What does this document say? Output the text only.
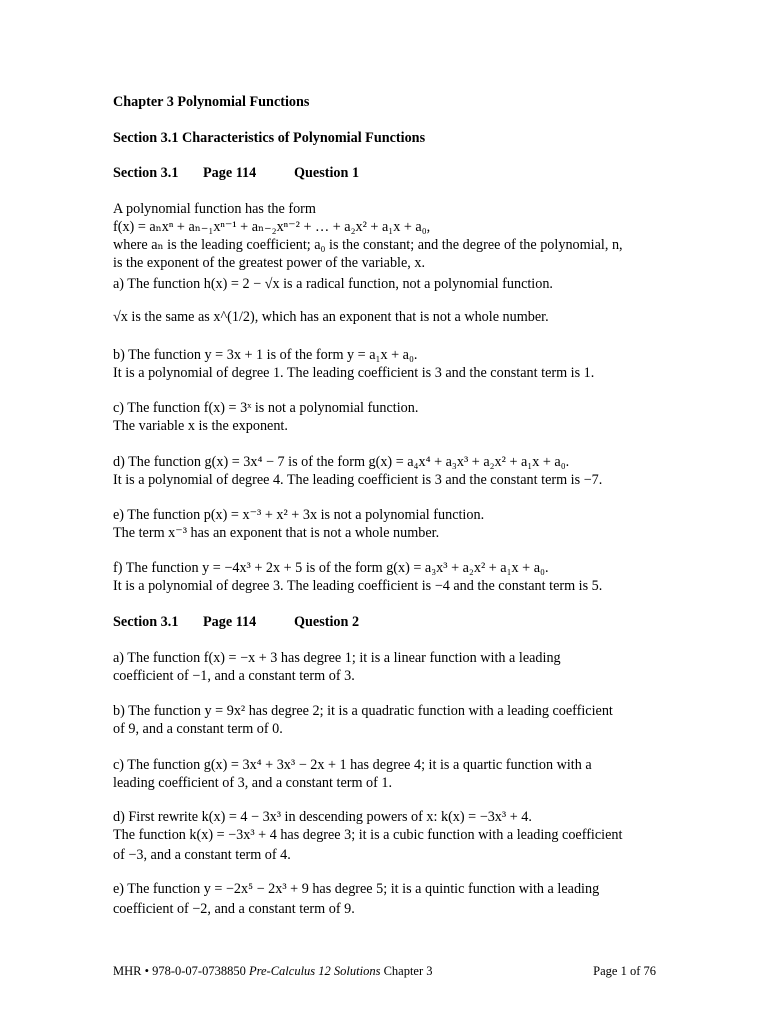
Chapter 3 Polynomial Functions
Section 3.1 Characteristics of Polynomial Functions
Section 3.1 Page 114	Question 1
A polynomial function has the form
f(x) = aₙxⁿ + aₙ₋₁xⁿ⁻¹ + aₙ₋₂xⁿ⁻² + … + a₂x² + a₁x + a₀,
where aₙ is the leading coefficient; a₀ is the constant; and the degree of the polynomial, n,
is the exponent of the greatest power of the variable, x.
a) The function h(x) = 2 − √x is a radical function, not a polynomial function.
√x is the same as x^(1/2), which has an exponent that is not a whole number.
b) The function y = 3x + 1 is of the form y = a₁x + a₀.
It is a polynomial of degree 1. The leading coefficient is 3 and the constant term is 1.
c) The function f(x) = 3ˣ is not a polynomial function.
The variable x is the exponent.
d) The function g(x) = 3x⁴ − 7 is of the form g(x) = a₄x⁴ + a₃x³ + a₂x² + a₁x + a₀.
It is a polynomial of degree 4. The leading coefficient is 3 and the constant term is −7.
e) The function p(x) = x⁻³ + x² + 3x is not a polynomial function.
The term x⁻³ has an exponent that is not a whole number.
f) The function y = −4x³ + 2x + 5 is of the form g(x) = a₃x³ + a₂x² + a₁x + a₀.
It is a polynomial of degree 3. The leading coefficient is −4 and the constant term is 5.
Section 3.1 Page 114	Question 2
a) The function f(x) = −x + 3 has degree 1; it is a linear function with a leading
coefficient of −1, and a constant term of 3.
b) The function y = 9x² has degree 2; it is a quadratic function with a leading coefficient
of 9, and a constant term of 0.
c) The function g(x) = 3x⁴ + 3x³ − 2x + 1 has degree 4; it is a quartic function with a
leading coefficient of 3, and a constant term of 1.
d) First rewrite k(x) = 4 − 3x³ in descending powers of x: k(x) = −3x³ + 4.
The function k(x) = −3x³ + 4 has degree 3; it is a cubic function with a leading coefficient
of −3, and a constant term of 4.
e) The function y = −2x⁵ − 2x³ + 9 has degree 5; it is a quintic function with a leading
coefficient of −2, and a constant term of 9.
MHR • 978-0-07-0738850 Pre-Calculus 12 Solutions Chapter 3	Page 1 of 76
